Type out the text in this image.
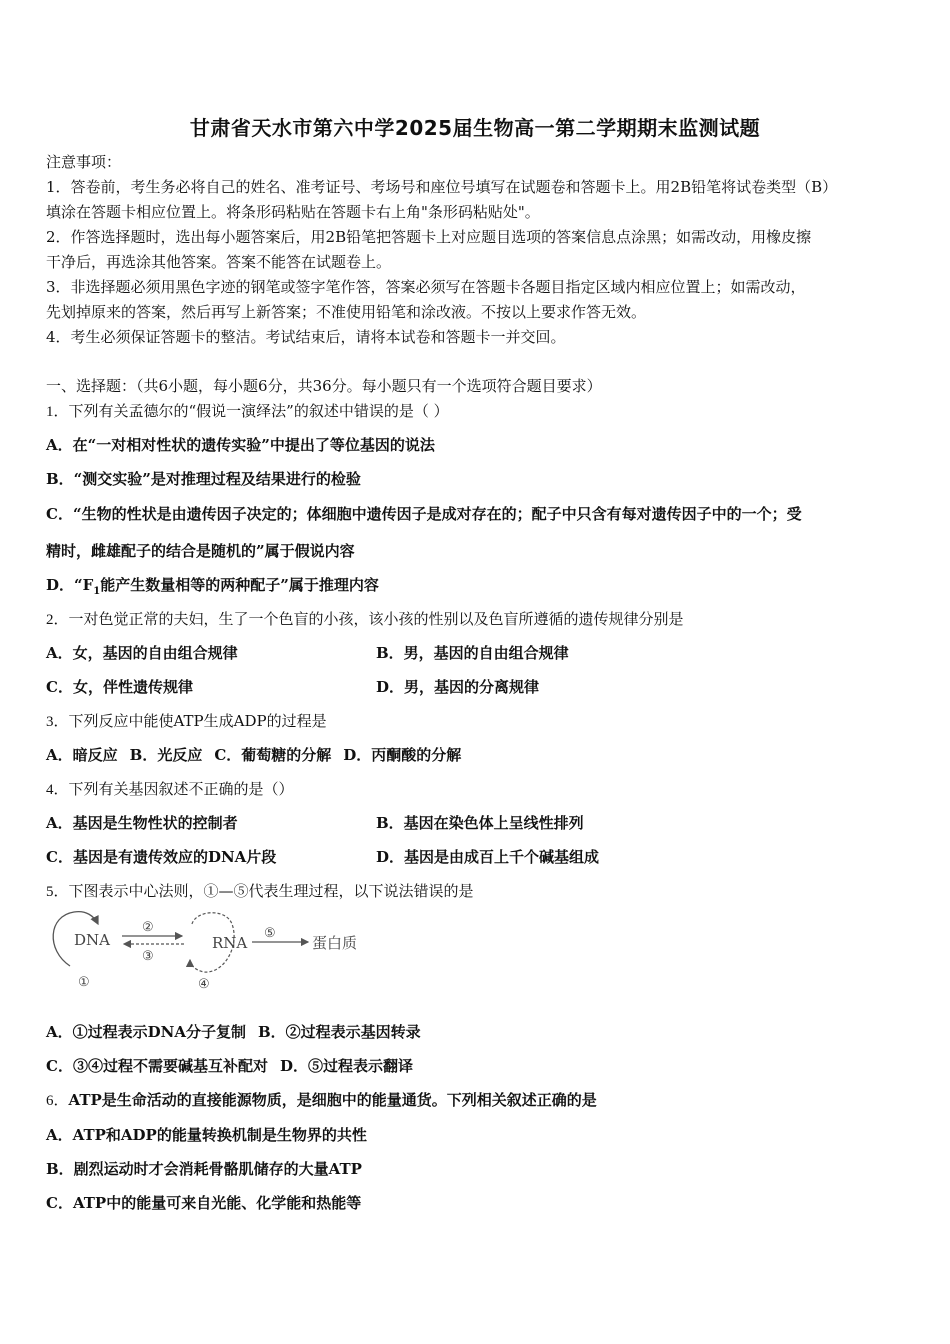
甘肃省天水市第六中学2025届生物高一第二学期期末监测试题
注意事项：
1．答卷前，考生务必将自己的姓名、准考证号、考场号和座位号填写在试题卷和答题卡上。用2B铅笔将试卷类型（B）
填涂在答题卡相应位置上。将条形码粘贴在答题卡右上角"条形码粘贴处"。
2．作答选择题时，选出每小题答案后，用2B铅笔把答题卡上对应题目选项的答案信息点涂黑；如需改动，用橡皮擦
干净后，再选涂其他答案。答案不能答在试题卷上。
3．非选择题必须用黑色字迹的钢笔或签字笔作答，答案必须写在答题卡各题目指定区域内相应位置上；如需改动，
先划掉原来的答案，然后再写上新答案；不准使用铅笔和涂改液。不按以上要求作答无效。
4．考生必须保证答题卡的整洁。考试结束后，请将本试卷和答题卡一并交回。
一、选择题：（共6小题，每小题6分，共36分。每小题只有一个选项符合题目要求）
1．下列有关孟德尔的“假说一演绎法”的叙述中错误的是（ ）
A．在“一对相对性状的遗传实验”中提出了等位基因的说法
B．“测交实验”是对推理过程及结果进行的检验
C．“生物的性状是由遗传因子决定的；体细胞中遗传因子是成对存在的；配子中只含有每对遗传因子中的一个；受
精时，雌雄配子的结合是随机的”属于假说内容
D．“$F_1$能产生数量相等的两种配子”属于推理内容
2．一对色觉正常的夫妇，生了一个色盲的小孩，该小孩的性别以及色盲所遵循的遗传规律分别是
A．女，基因的自由组合规律	B．男，基因的自由组合规律
C．女，伴性遗传规律	D．男，基因的分离规律
3．下列反应中能使ATP生成ADP的过程是
A．暗反应 B．光反应 C．葡萄糖的分解 D．丙酮酸的分解
4．下列有关基因叙述不正确的是（）
A．基因是生物性状的控制者	B．基因在染色体上呈线性排列
C．基因是有遗传效应的DNA片段	D．基因是由成百上千个碱基组成
5．下图表示中心法则，①—⑤代表生理过程，以下说法错误的是
DNA
①
②
③
RNA
④
⑤
蛋白质
A．①过程表示DNA分子复制 B．②过程表示基因转录
C．③④过程不需要碱基互补配对 D．⑤过程表示翻译
6．ATP是生命活动的直接能源物质，是细胞中的能量通货。下列相关叙述正确的是
A．ATP和ADP的能量转换机制是生物界的共性
B．剧烈运动时才会消耗骨骼肌储存的大量ATP
C．ATP中的能量可来自光能、化学能和热能等
